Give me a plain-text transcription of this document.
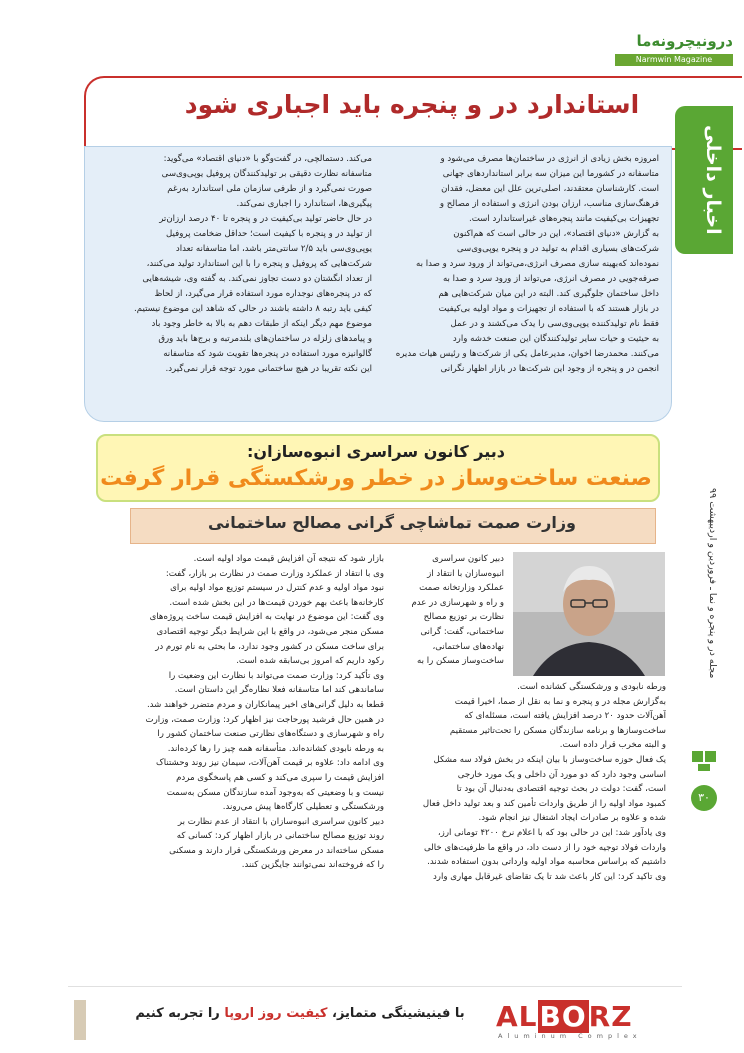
درونیچرونه‌ما
Narmwin Magazine
استاندارد در و پنجره باید اجباری شود
اخبار داخلی
امروزه بخش زیادی از انرژی در ساختمان‌ها مصرف می‌شود و
متاسفانه در کشورما این میزان سه برابر استانداردهای جهانی
است. کارشناسان معتقدند، اصلی‌ترین علل این معضل، فقدان
فرهنگ‌سازی مناسب، ارزان بودن انرژی و استفاده از مصالح و
تجهیزات بی‌کیفیت مانند پنجره‌های غیراستاندارد است.
به گزارش «دنیای اقتصاد»، این در حالی است که هم‌اکنون
شرکت‌های بسیاری اقدام به تولید در و پنجره یوپی‌وی‌سی
نموده‌اند که‌بهینه سازی مصرف انرژی،می‌تواند از ورود سرد و صدا به
صرفه‌جویی در مصرف انرژی، می‌تواند از ورود سرد و صدا به
داخل ساختمان جلوگیری کند. البته در این میان شرکت‌هایی هم
در بازار هستند که با استفاده از تجهیزات و مواد اولیه بی‌کیفیت
فقط نام تولیدکننده یوپی‌وی‌سی را یدک می‌کشند و در عمل
به حیثیت و حیات سایر تولیدکنندگان این صنعت خدشه وارد
می‌کنند. محمدرضا اخوان، مدیرعامل یکی از شرکت‌ها و رئیس هیات مدیره
انجمن در و پنجره از وجود این شرکت‌ها در بازار اظهار نگرانی
می‌کند. دستمالچی، در گفت‌وگو با «دنیای اقتصاد» می‌گوید:
متاسفانه نظارت دقیقی بر تولیدکنندگان پروفیل یوپی‌وی‌سی
صورت نمی‌گیرد و از طرفی سازمان ملی استاندارد به‌رغم
پیگیری‌ها، استاندارد را اجباری نمی‌کند.
در حال حاضر تولید بی‌کیفیت در و پنجره تا ۴۰ درصد ارزان‌تر
از تولید در و پنجره با کیفیت است؛ حداقل ضخامت پروفیل
یوپی‌وی‌سی باید ۲/۵ سانتی‌متر باشد، اما متاسفانه تعداد
شرکت‌هایی که پروفیل و پنجره را با این استاندارد تولید می‌کنند،
از تعداد انگشتان دو دست تجاوز نمی‌کند. به گفته وی، شیشه‌هایی
که در پنجره‌های نوجداره مورد استفاده قرار می‌گیرد، از لحاظ
کیفی باید رتبه ۸ داشته باشند در حالی که شاهد این موضوع نیستیم.
موضوع مهم دیگر اینکه از طبقات دهم به بالا به خاطر وجود باد
و پیامدهای زلزله در ساختمان‌های بلندمرتبه و برج‌ها باید ورق
گالوانیزه مورد استفاده در پنجره‌ها تقویت شود که متاسفانه
این نکته تقریبا در هیچ ساختمانی مورد توجه قرار نمی‌گیرد.
دبیر کانون سراسری انبوه‌سازان:
صنعت ساخت‌وساز در خطر ورشکستگی قرار گرفت
وزارت صمت تماشاچی گرانی مصالح ساختمانی
دبیر کانون سراسری
انبوه‌سازان با انتقاد از
عملکرد وزارتخانه صمت
و راه و شهرسازی در عدم
نظارت بر توزیع مصالح
ساختمانی، گفت: گرانی
نهاده‌های ساختمانی،
ساخت‌وساز مسکن را به
ورطه نابودی و ورشکستگی کشانده است.
به‌گزارش مجله در و پنجره و نما به نقل از صما، اخیرا قیمت
آهن‌آلات حدود ۲۰ درصد افزایش یافته است، مسئله‌ای که
ساخت‌وسازها و برنامه سازندگان مسکن را تحت‌تاثیر مستقیم
و البته مخرب قرار داده است.
یک فعال حوزه ساخت‌وساز با بیان اینکه در بخش فولاد سه مشکل
اساسی وجود دارد که دو مورد آن داخلی و یک مورد خارجی
است، گفت: دولت در بحث توجیه اقتصادی به‌دنبال آن بود تا
کمبود مواد اولیه را از طریق واردات تأمین کند و بعد تولید داخل فعال
شده و علاوه بر صادرات ایجاد اشتغال نیز انجام شود.
وی یادآور شد: این در حالی بود که با اعلام نرخ ۴۲۰۰ تومانی ارز،
واردات فولاد توجیه خود را از دست داد، در واقع ما ظرفیت‌های خالی
داشتیم که براساس محاسبه مواد اولیه وارداتی بدون استفاده شدند.
وی تاکید کرد: این کار باعث شد تا یک تقاضای غیرقابل مهاری وارد
بازار شود که نتیجه آن افزایش قیمت مواد اولیه است.
وی با انتقاد از عملکرد وزارت صمت در نظارت بر بازار، گفت:
نبود مواد اولیه و عدم کنترل در سیستم توزیع مواد اولیه برای
کارخانه‌ها باعث بهم خوردن قیمت‌ها در این بخش شده است.
وی گفت: این موضوع در نهایت به افزایش قیمت ساخت پروژه‌های
مسکن منجر می‌شود، در واقع با این شرایط دیگر توجیه اقتصادی
برای ساخت مسکن در کشور وجود ندارد، ما بحثی به نام تورم در
رکود داریم که امروز بی‌سابقه شده است.
وی تأکید کرد: وزارت صمت می‌تواند با نظارت این وضعیت را
ساماندهی کند اما متاسفانه فعلا نظاره‌گر این داستان است.
قطعا به دلیل گرانی‌های اخیر پیمانکاران و مردم متضرر خواهند شد.
در همین حال فرشید پورحاجت نیز اظهار کرد: وزارت صمت، وزارت
راه و شهرسازی و دستگاه‌های نظارتی صنعت ساختمان کشور را
به ورطه نابودی کشانده‌اند. متأسفانه همه چیز را رها کرده‌اند.
وی ادامه داد: علاوه بر قیمت آهن‌آلات، سیمان نیز روند وحشتناک
افزایش قیمت را سپری می‌کند و کسی هم پاسخگوی مردم
نیست و با وضعیتی که به‌وجود آمده سازندگان مسکن به‌سمت
ورشکستگی و تعطیلی کارگاه‌ها پیش می‌روند.
دبیر کانون سراسری انبوه‌سازان با انتقاد از عدم نظارت بر
روند توزیع مصالح ساختمانی در بازار اظهار کرد: کسانی که
مسکن ساخته‌اند در معرض ورشکستگی قرار دارند و مسکنی
را که فروخته‌اند نمی‌توانند جایگزین کنند.
مجله در و پنجره و نما ـ فروردین و اردیبهشت ۹۹
۳۰
ALBORZ
Aluminum Complex
با فینیشینگی متمایز، کیفیت روز اروپا را تجربه کنیم
